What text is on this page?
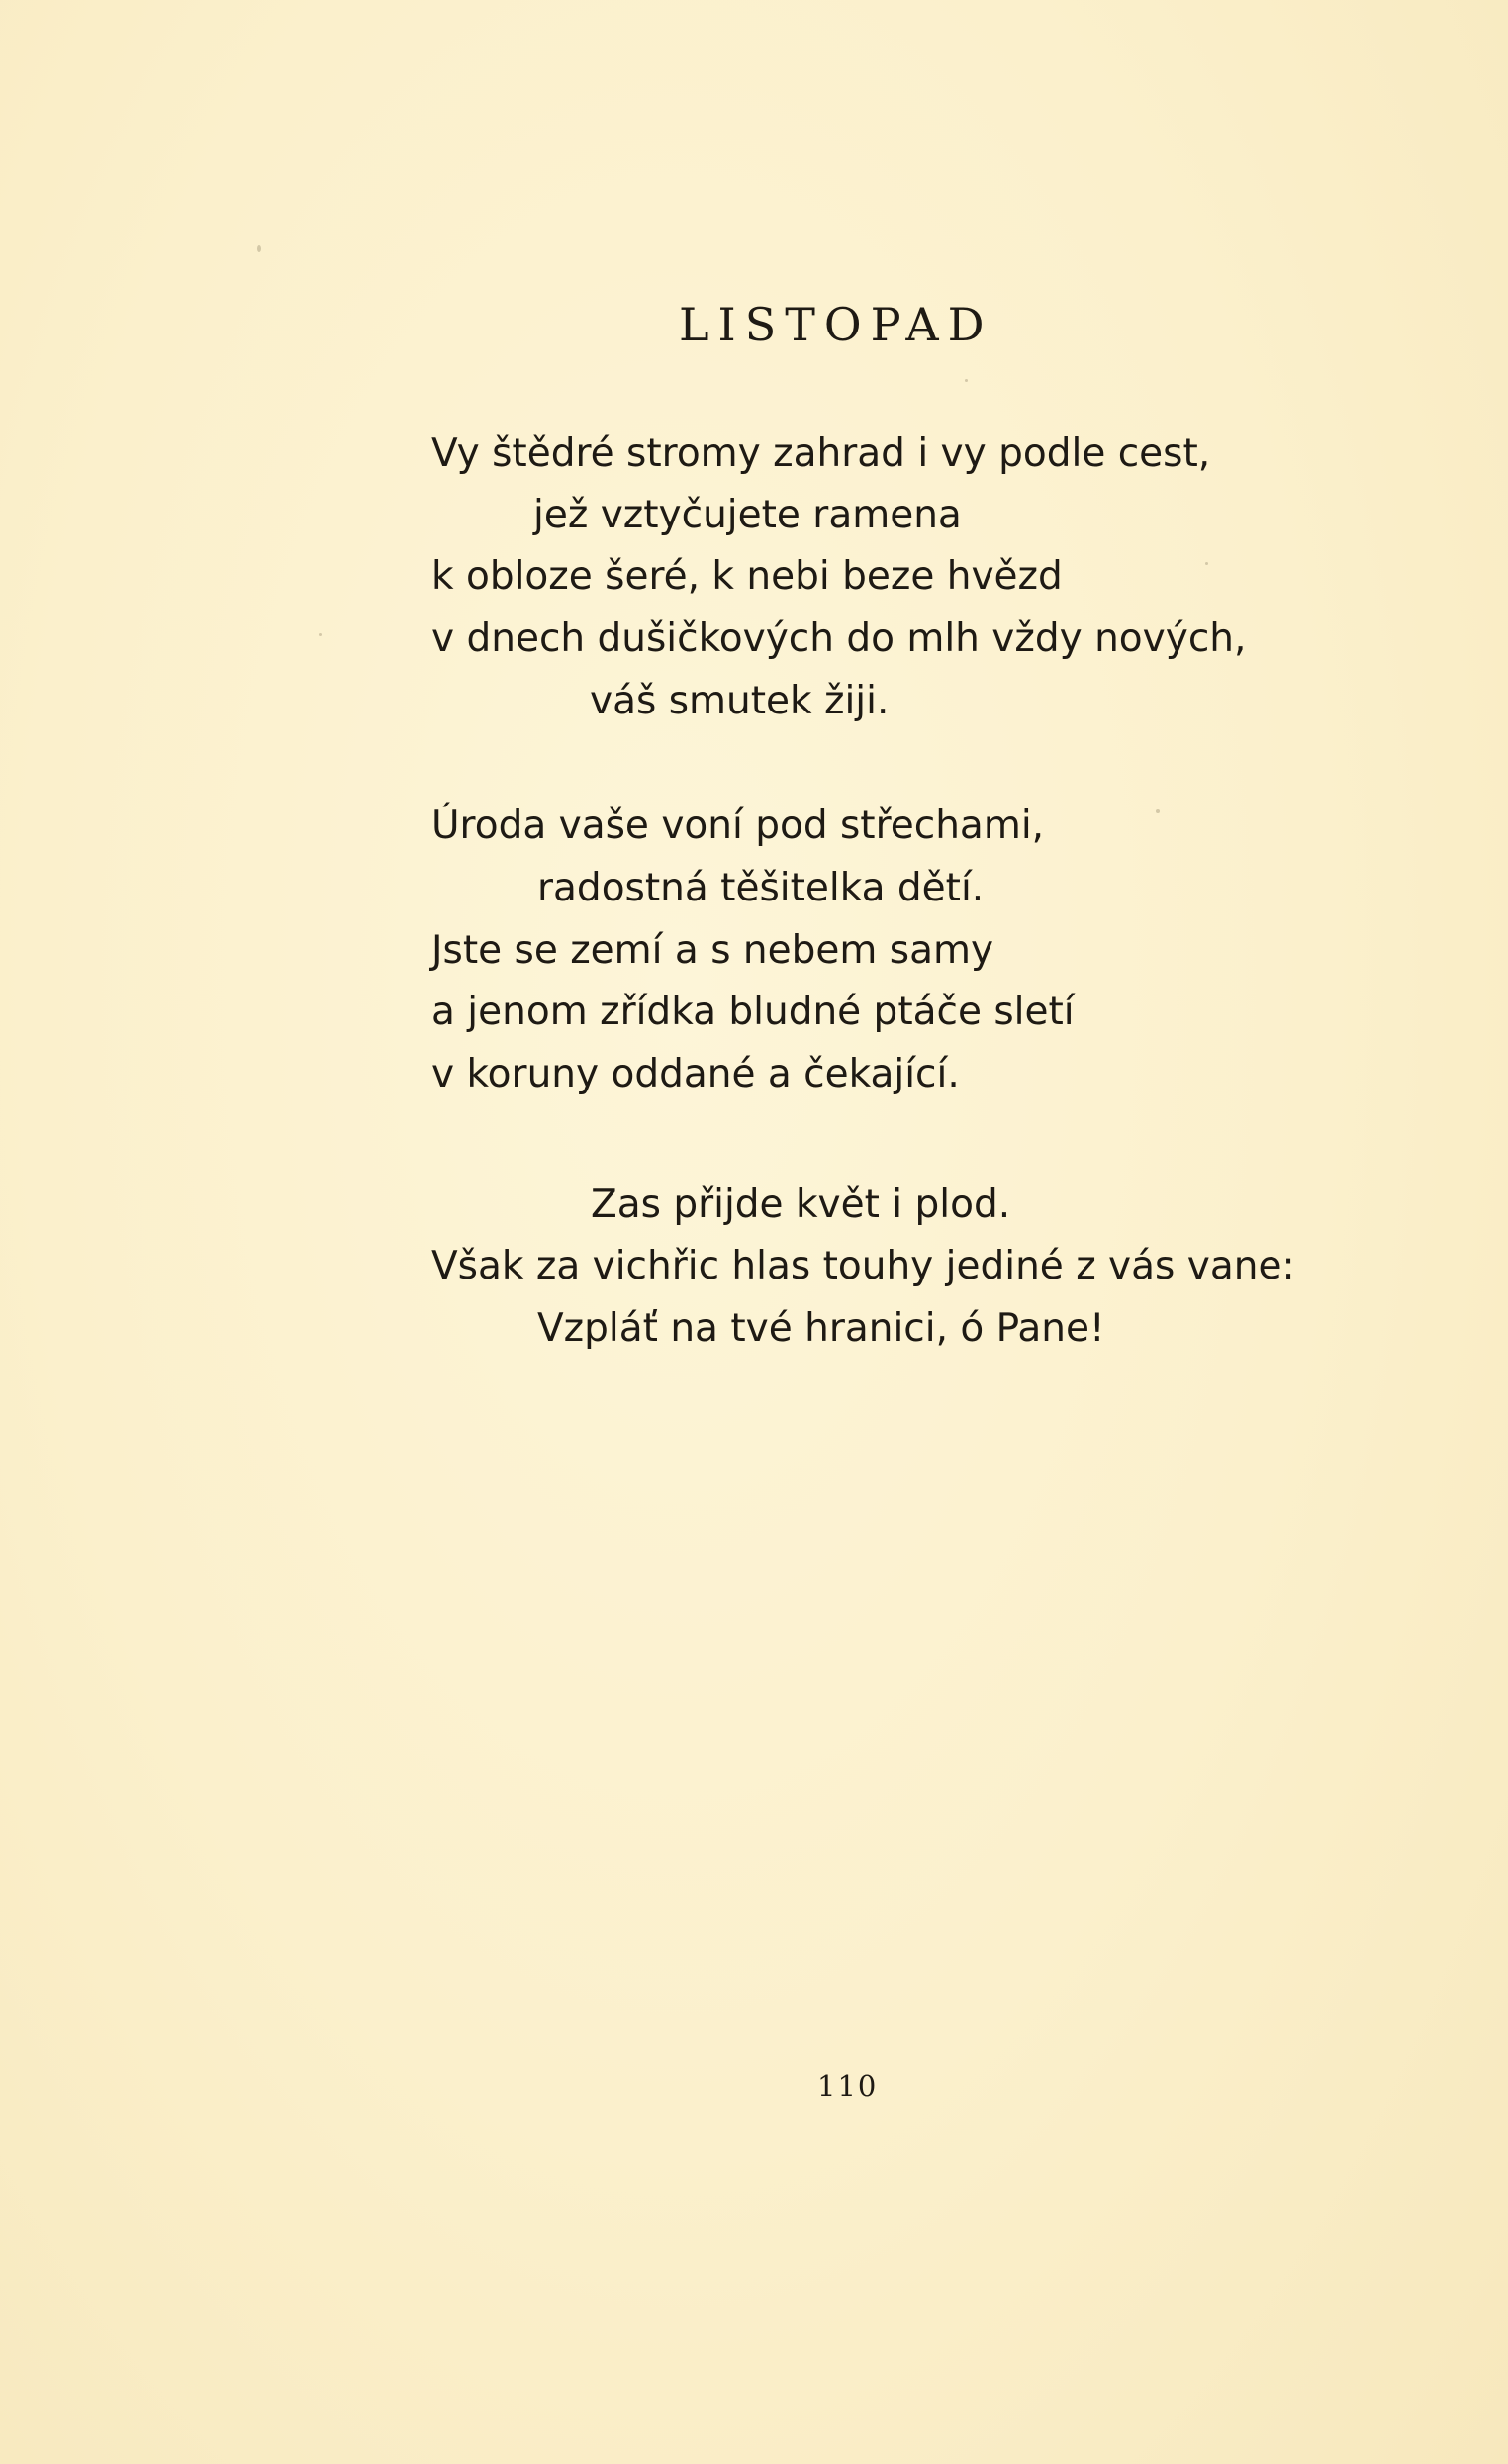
LISTOPAD
Vy štědré stromy zahrad i vy podle cest,
jež vztyčujete ramena
k obloze šeré, k nebi beze hvězd
v dnech dušičkových do mlh vždy nových,
váš smutek žiji.
Úroda vaše voní pod střechami,
radostná těšitelka dětí.
Jste se zemí a s nebem samy
a jenom zřídka bludné ptáče sletí
v koruny oddané a čekající.
Zas přijde květ i plod.
Však za vichřic hlas touhy jediné z vás vane:
Vzpláť na tvé hranici, ó Pane!
110
